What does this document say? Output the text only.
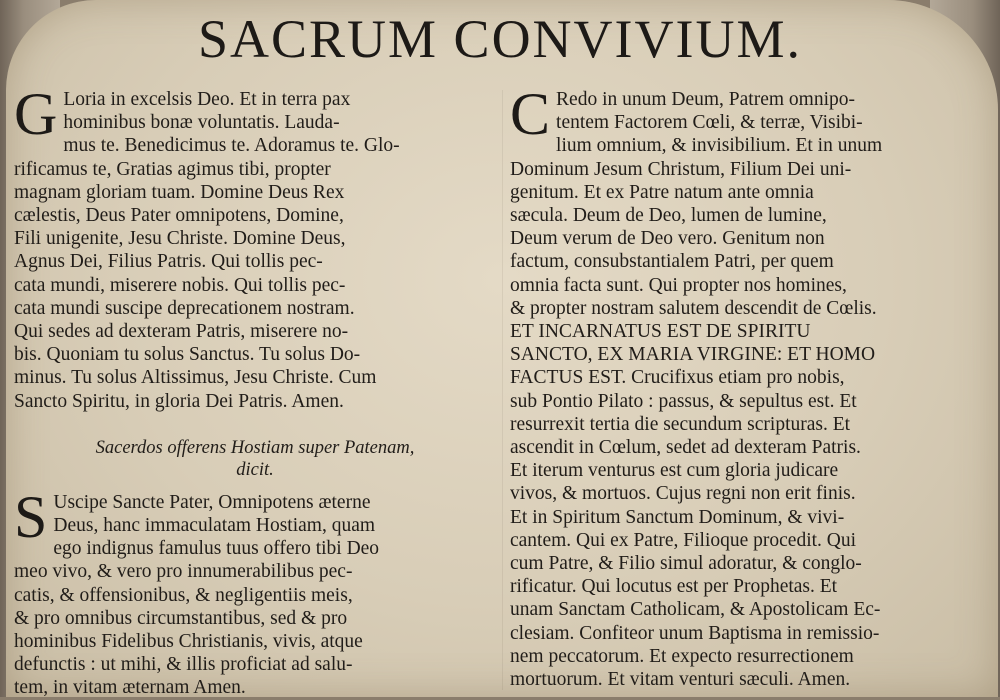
SACRUM CONVIVIUM.
G Loria in excelsis Deo. Et in terra pax
hominibus bonæ voluntatis. Lauda-
mus te. Benedicimus te. Adoramus te. Glo-
rificamus te, Gratias agimus tibi, propter
magnam gloriam tuam. Domine Deus Rex
cælestis, Deus Pater omnipotens, Domine,
Fili unigenite, Jesu Christe. Domine Deus,
Agnus Dei, Filius Patris. Qui tollis pec-
cata mundi, miserere nobis. Qui tollis pec-
cata mundi suscipe deprecationem nostram.
Qui sedes ad dexteram Patris, miserere no-
bis. Quoniam tu solus Sanctus. Tu solus Do-
minus. Tu solus Altissimus, Jesu Christe. Cum
Sancto Spiritu, in gloria Dei Patris. Amen.
Sacerdos offerens Hostiam super Patenam,
dicit.
S Uscipe Sancte Pater, Omnipotens æterne
Deus, hanc immaculatam Hostiam, quam
ego indignus famulus tuus offero tibi Deo
meo vivo, & vero pro innumerabilibus pec-
catis, & offensionibus, & negligentiis meis,
& pro omnibus circumstantibus, sed & pro
hominibus Fidelibus Christianis, vivis, atque
defunctis : ut mihi, & illis proficiat ad salu-
tem, in vitam æternam Amen.
C Redo in unum Deum, Patrem omnipo-
tentem Factorem Cœli, & terræ, Visibi-
lium omnium, & invisibilium. Et in unum
Dominum Jesum Christum, Filium Dei uni-
genitum. Et ex Patre natum ante omnia
sæcula. Deum de Deo, lumen de lumine,
Deum verum de Deo vero. Genitum non
factum, consubstantialem Patri, per quem
omnia facta sunt. Qui propter nos homines,
& propter nostram salutem descendit de Cœlis.
ET INCARNATUS EST DE SPIRITU
SANCTO, EX MARIA VIRGINE: ET HOMO
FACTUS EST. Crucifixus etiam pro nobis,
sub Pontio Pilato : passus, & sepultus est. Et
resurrexit tertia die secundum scripturas. Et
ascendit in Cœlum, sedet ad dexteram Patris.
Et iterum venturus est cum gloria judicare
vivos, & mortuos. Cujus regni non erit finis.
Et in Spiritum Sanctum Dominum, & vivi-
cantem. Qui ex Patre, Filioque procedit. Qui
cum Patre, & Filio simul adoratur, & conglo-
rificatur. Qui locutus est per Prophetas. Et
unam Sanctam Catholicam, & Apostolicam Ec-
clesiam. Confiteor unum Baptisma in remissio-
nem peccatorum. Et expecto resurrectionem
mortuorum. Et vitam venturi sæculi. Amen.
